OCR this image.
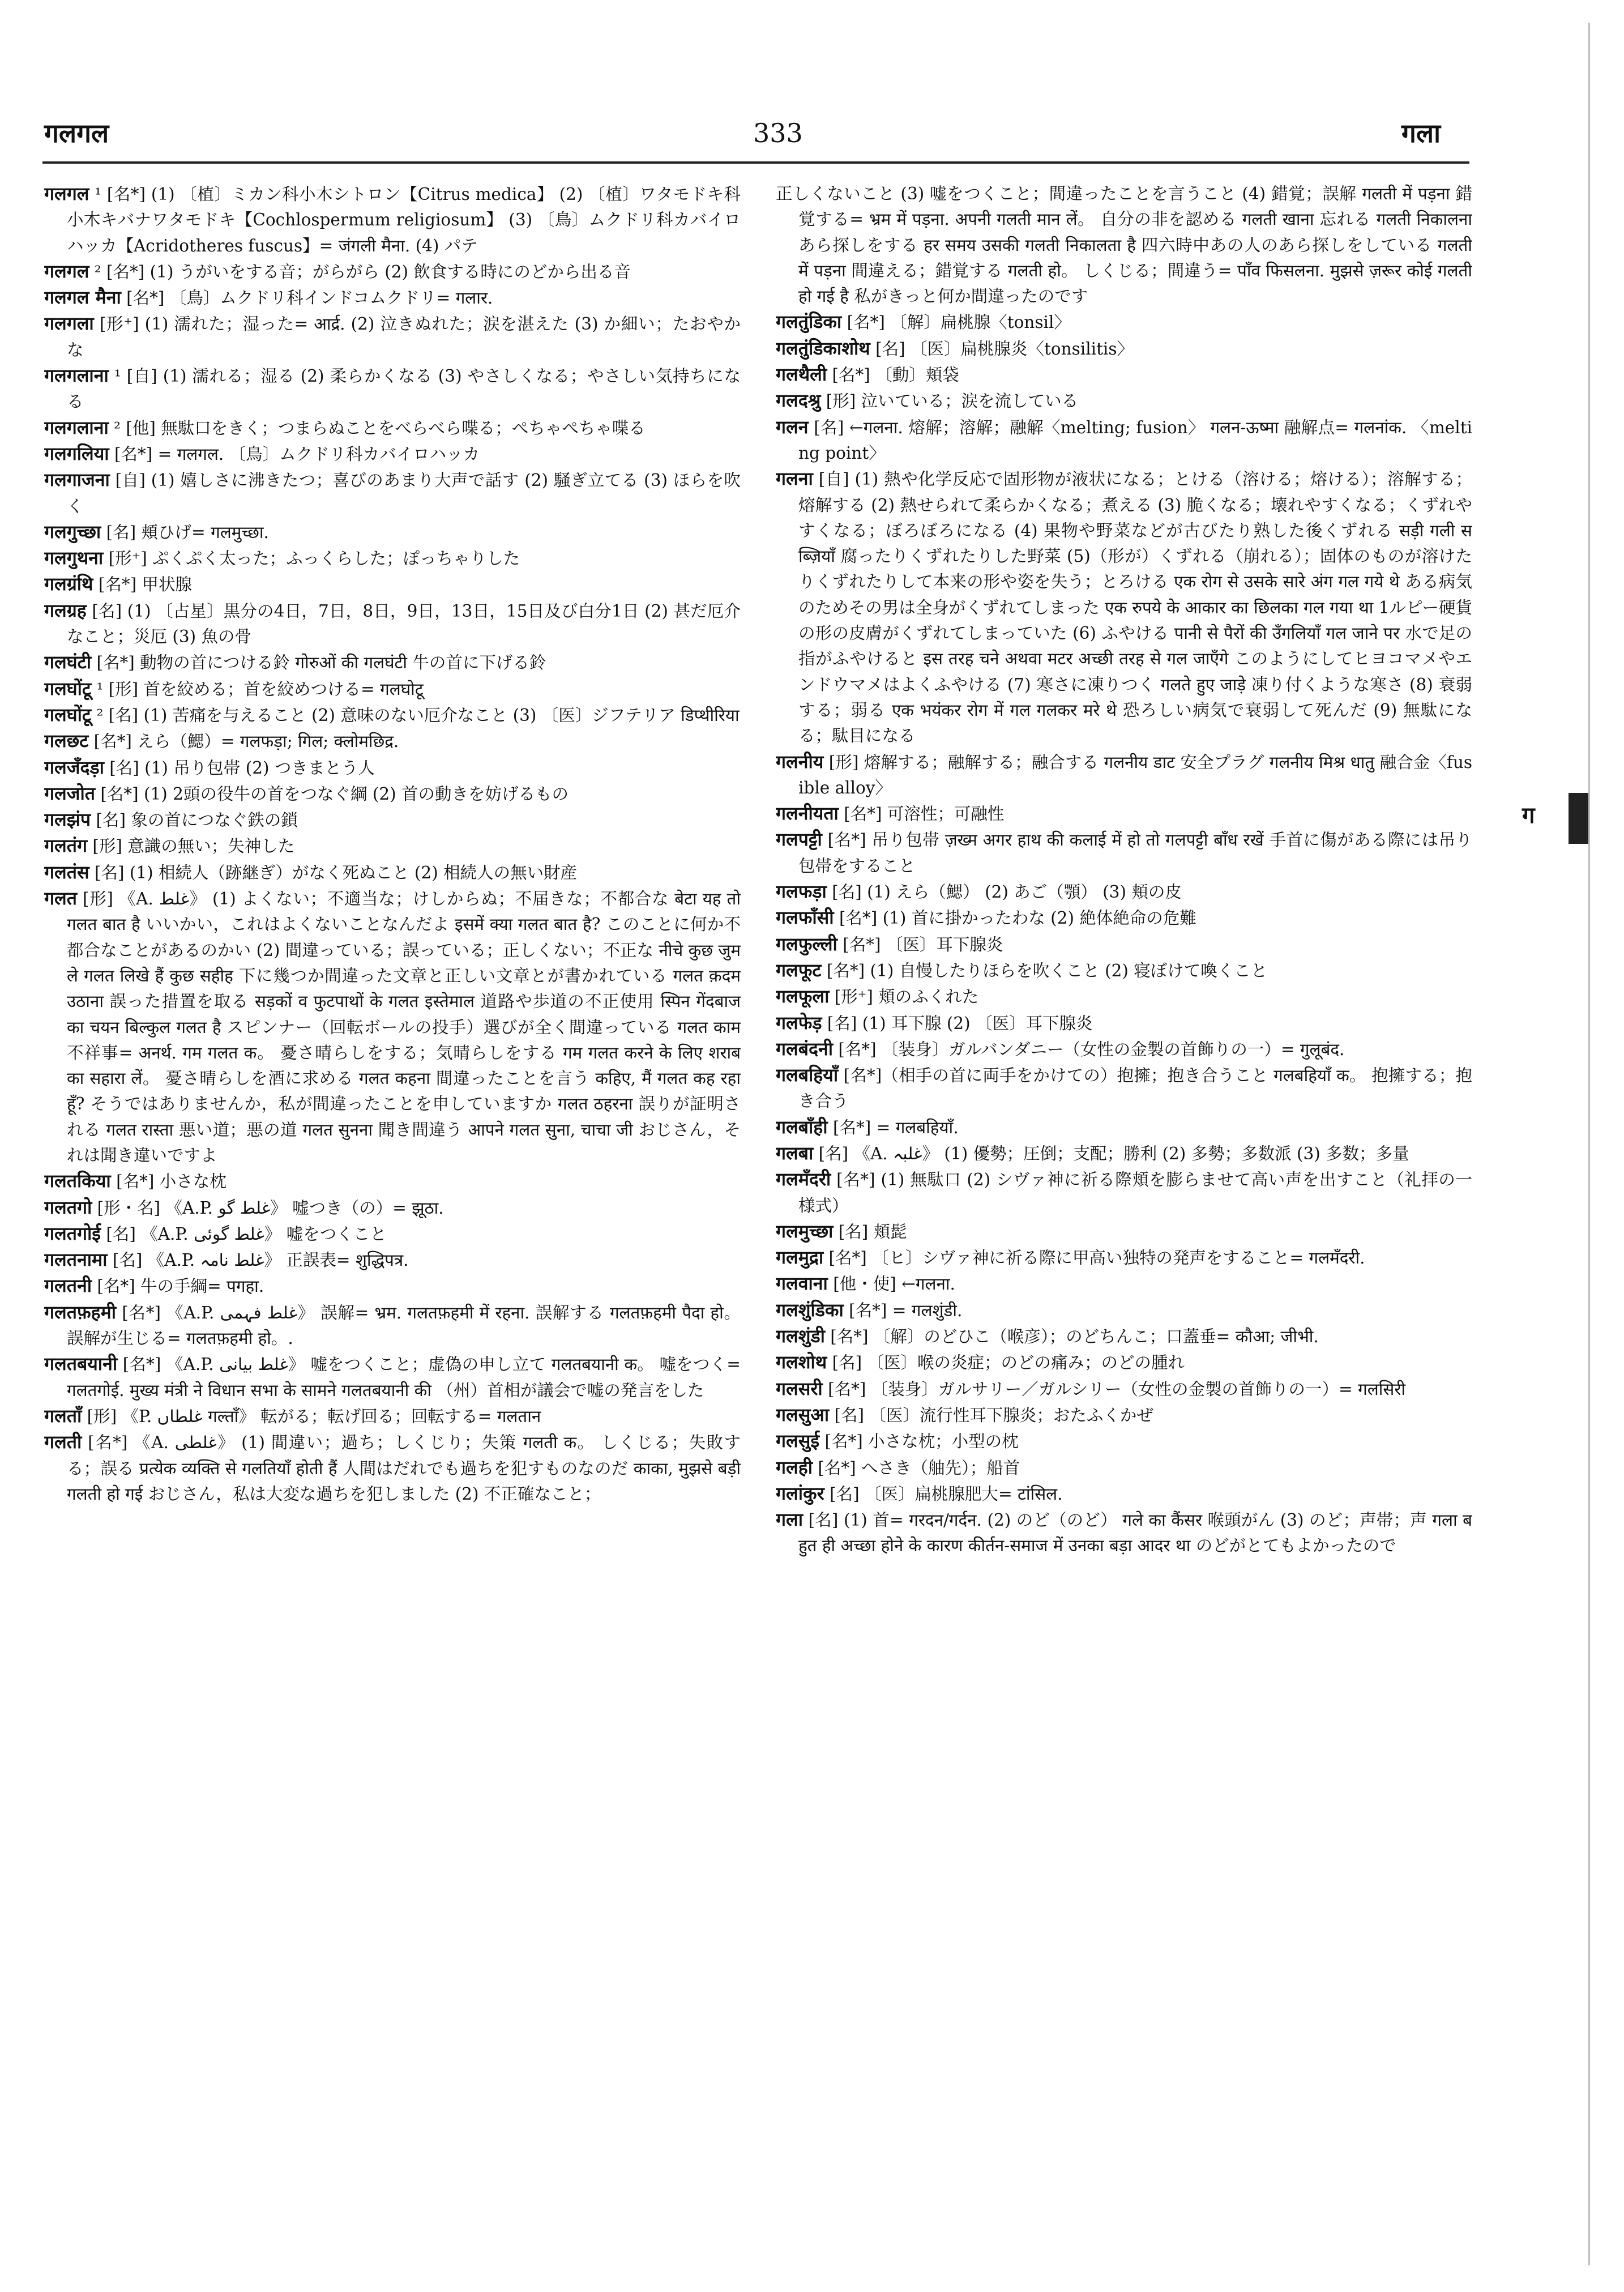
गलगल	333	गला

गलगल ¹ [名*] (1) 〔植〕ミカン科小木シトロン【Citrus medica】 (2) 〔植〕ワタモドキ科小木キバナワタモドキ【Cochlospermum religiosum】 (3) 〔鳥〕ムクドリ科カバイロハッカ【Acridotheres fuscus】= जंगली मैना. (4) パテ

गलगल ² [名*] (1) うがいをする音；がらがら (2) 飲食する時にのどから出る音

गलगल मैना [名*] 〔鳥〕ムクドリ科インドコムクドリ= गलार.

गलगला [形⁺] (1) 濡れた；湿った= आर्द्र. (2) 泣きぬれた；涙を湛えた (3) か細い；たおやかな

गलगलाना ¹ [自] (1) 濡れる；湿る (2) 柔らかくなる (3) やさしくなる；やさしい気持ちになる

गलगलाना ² [他] 無駄口をきく；つまらぬことをべらべら喋る；ぺちゃぺちゃ喋る

गलगलिया [名*] = गलगल. 〔鳥〕ムクドリ科カバイロハッカ

गलगाजना [自] (1) 嬉しさに沸きたつ；喜びのあまり大声で話す (2) 騒ぎ立てる (3) ほらを吹く

गलगुच्छा [名] 頬ひげ= गलमुच्छा.

गलगुथना [形⁺] ぷくぷく太った；ふっくらした；ぽっちゃりした

गलग्रंथि [名*] 甲状腺

गलग्रह [名] (1) 〔占星〕黒分の4日，7日，8日，9日，13日，15日及び白分1日 (2) 甚だ厄介なこと；災厄 (3) 魚の骨

गलघंटी [名*] 動物の首につける鈴 गोरुओं की गलघंटी 牛の首に下げる鈴

गलघोंटू ¹ [形] 首を絞める；首を絞めつける= गलघोटू

गलघोंटू ² [名] (1) 苦痛を与えること (2) 意味のない厄介なこと (3) 〔医〕ジフテリア डिप्थीरिया

गलछट [名*] えら（鰓）= गलफड़ा; गिल; क्लोमछिद्र.

गलजँदड़ा [名] (1) 吊り包帯 (2) つきまとう人

गलजोत [名*] (1) 2頭の役牛の首をつなぐ綱 (2) 首の動きを妨げるもの

गलझंप [名] 象の首につなぐ鉄の鎖

गलतंग [形] 意識の無い；失神した

गलतंस [名] (1) 相続人（跡継ぎ）がなく死ぬこと (2) 相続人の無い財産

गलत [形] 《A. غلط》 (1) よくない；不適当な；けしからぬ；不届きな；不都合な बेटा यह तो गलत बात है いいかい，これはよくないことなんだよ इसमें क्या गलत बात है? このことに何か不都合なことがあるのかい (2) 間違っている；誤っている；正しくない；不正な नीचे कुछ जुमले गलत लिखे हैं कुछ सहीह 下に幾つか間違った文章と正しい文章とが書かれている गलत क़दम उठाना 誤った措置を取る सड़कों व फुटपाथों के गलत इस्तेमाल 道路や歩道の不正使用 स्पिन गेंदबाज का चयन बिल्कुल गलत है スピンナー（回転ボールの投手）選びが全く間違っている गलत काम 不祥事= अनर्थ. गम गलत क。 憂さ晴らしをする；気晴らしをする गम गलत करने के लिए शराब का सहारा लें。 憂さ晴らしを酒に求める गलत कहना 間違ったことを言う कहिए, मैं गलत कह रहा हूँ? そうではありませんか，私が間違ったことを申していますか गलत ठहरना 誤りが証明される गलत रास्ता 悪い道；悪の道 गलत सुनना 聞き間違う आपने गलत सुना, चाचा जी おじさん，それは聞き違いですよ

गलतकिया [名*] 小さな枕

गलतगो [形・名] 《A.P. غلط گو》 嘘つき（の）= झूठा.

गलतगोई [名] 《A.P. غلط گوئی》 嘘をつくこと

गलतनामा [名] 《A.P. غلط نامہ》 正誤表= शुद्धिपत्र.

गलतनी [名*] 牛の手綱= पगहा.

गलतफ़हमी [名*] 《A.P. غلط فہمی》 誤解= भ्रम. गलतफ़हमी में रहना. 誤解する गलतफ़हमी पैदा हो。 誤解が生じる= गलतफ़हमी हो。.

गलतबयानी [名*] 《A.P. غلط بیانی》 嘘をつくこと；虚偽の申し立て गलतबयानी क。 嘘をつく= गलतगोई. मुख्य मंत्री ने विधान सभा के सामने गलतबयानी की （州）首相が議会で嘘の発言をした

गलताँ [形] 《P. غلطاں गल्ताँ》 転がる；転げ回る；回転する= गलतान

गलती [名*] 《A. غلطی》 (1) 間違い；過ち；しくじり；失策 गलती क。 しくじる；失敗する；誤る प्रत्येक व्यक्ति से गलतियाँ होती हैं 人間はだれでも過ちを犯すものなのだ काका, मुझसे बड़ी गलती हो गई おじさん，私は大変な過ちを犯しました (2) 不正確なこと；

正しくないこと (3) 嘘をつくこと；間違ったことを言うこと (4) 錯覚；誤解 गलती में पड़ना 錯覚する= भ्रम में पड़ना. अपनी गलती मान लें。 自分の非を認める गलती खाना 忘れる गलती निकालना あら探しをする हर समय उसकी गलती निकालता है 四六時中あの人のあら探しをしている गलती में पड़ना 間違える；錯覚する गलती हो。 しくじる；間違う= पाँव फिसलना. मुझसे ज़रूर कोई गलती हो गई है 私がきっと何か間違ったのです

गलतुंडिका [名*] 〔解〕扁桃腺〈tonsil〉

गलतुंडिकाशोथ [名] 〔医〕扁桃腺炎〈tonsilitis〉

गलथैली [名*] 〔動〕頬袋

गलदश्रु [形] 泣いている；涙を流している

गलन [名] ←गलना. 熔解；溶解；融解〈melting; fusion〉 गलन-ऊष्मा 融解点= गलनांक. 〈melting point〉

गलना [自] (1) 熱や化学反応で固形物が液状になる；とける（溶ける；熔ける）；溶解する；熔解する (2) 熱せられて柔らかくなる；煮える (3) 脆くなる；壊れやすくなる；くずれやすくなる；ぼろぼろになる (4) 果物や野菜などが古びたり熟した後くずれる सड़ी गली सब्ज़ियाँ 腐ったりくずれたりした野菜 (5)（形が）くずれる（崩れる）；固体のものが溶けたりくずれたりして本来の形や姿を失う；とろける एक रोग से उसके सारे अंग गल गये थे ある病気のためその男は全身がくずれてしまった एक रुपये के आकार का छिलका गल गया था 1ルピー硬貨の形の皮膚がくずれてしまっていた (6) ふやける पानी से पैरों की उँगलियाँ गल जाने पर 水で足の指がふやけると इस तरह चने अथवा मटर अच्छी तरह से गल जाएँगे このようにしてヒヨコマメやエンドウマメはよくふやける (7) 寒さに凍りつく गलते हुए जाड़े 凍り付くような寒さ (8) 衰弱する；弱る एक भयंकर रोग में गल गलकर मरे थे 恐ろしい病気で衰弱して死んだ (9) 無駄になる；駄目になる

गलनीय [形] 熔解する；融解する；融合する गलनीय डाट 安全プラグ गलनीय मिश्र धातु 融合金〈fusible alloy〉

गलनीयता [名*] 可溶性；可融性

गलपट्टी [名*] 吊り包帯 ज़ख्म अगर हाथ की कलाई में हो तो गलपट्टी बाँध रखें 手首に傷がある際には吊り包帯をすること

गलफड़ा [名] (1) えら（鰓） (2) あご（顎） (3) 頬の皮

गलफाँसी [名*] (1) 首に掛かったわな (2) 絶体絶命の危難

गलफुल्ली [名*] 〔医〕耳下腺炎

गलफूट [名*] (1) 自慢したりほらを吹くこと (2) 寝ぼけて喚くこと

गलफूला [形⁺] 頬のふくれた

गलफेड़ [名] (1) 耳下腺 (2) 〔医〕耳下腺炎

गलबंदनी [名*] 〔装身〕ガルバンダニー（女性の金製の首飾りの一）= गुलूबंद.

गलबहियाँ [名*]（相手の首に両手をかけての）抱擁；抱き合うこと गलबहियाँ क。 抱擁する；抱き合う

गलबाँही [名*] = गलबहियाँ.

गलबा [名] 《A. غلبہ》 (1) 優勢；圧倒；支配；勝利 (2) 多勢；多数派 (3) 多数；多量

गलमँदरी [名*] (1) 無駄口 (2) シヴァ神に祈る際頬を膨らませて高い声を出すこと（礼拝の一様式）

गलमुच्छा [名] 頬髭

गलमुद्रा [名*] 〔ヒ〕シヴァ神に祈る際に甲高い独特の発声をすること= गलमँदरी.

गलवाना [他・使] ←गलना.

गलशुंडिका [名*] = गलशुंडी.

गलशुंडी [名*] 〔解〕のどひこ（喉彦）；のどちんこ；口蓋垂= कौआ; जीभी.

गलशोथ [名] 〔医〕喉の炎症；のどの痛み；のどの腫れ

गलसरी [名*] 〔装身〕ガルサリー／ガルシリー（女性の金製の首飾りの一）= गलसिरी

गलसुआ [名] 〔医〕流行性耳下腺炎；おたふくかぜ

गलसुई [名*] 小さな枕；小型の枕

गलही [名*] へさき（舳先）；船首

गलांकुर [名] 〔医〕扁桃腺肥大= टांसिल.

गला [名] (1) 首= गरदन/गर्दन. (2) のど（のど） गले का कैंसर 喉頭がん (3) のど；声帯；声 गला बहुत ही अच्छा होने के कारण कीर्तन-समाज में उनका बड़ा आदर था のどがとてもよかったので

ग
